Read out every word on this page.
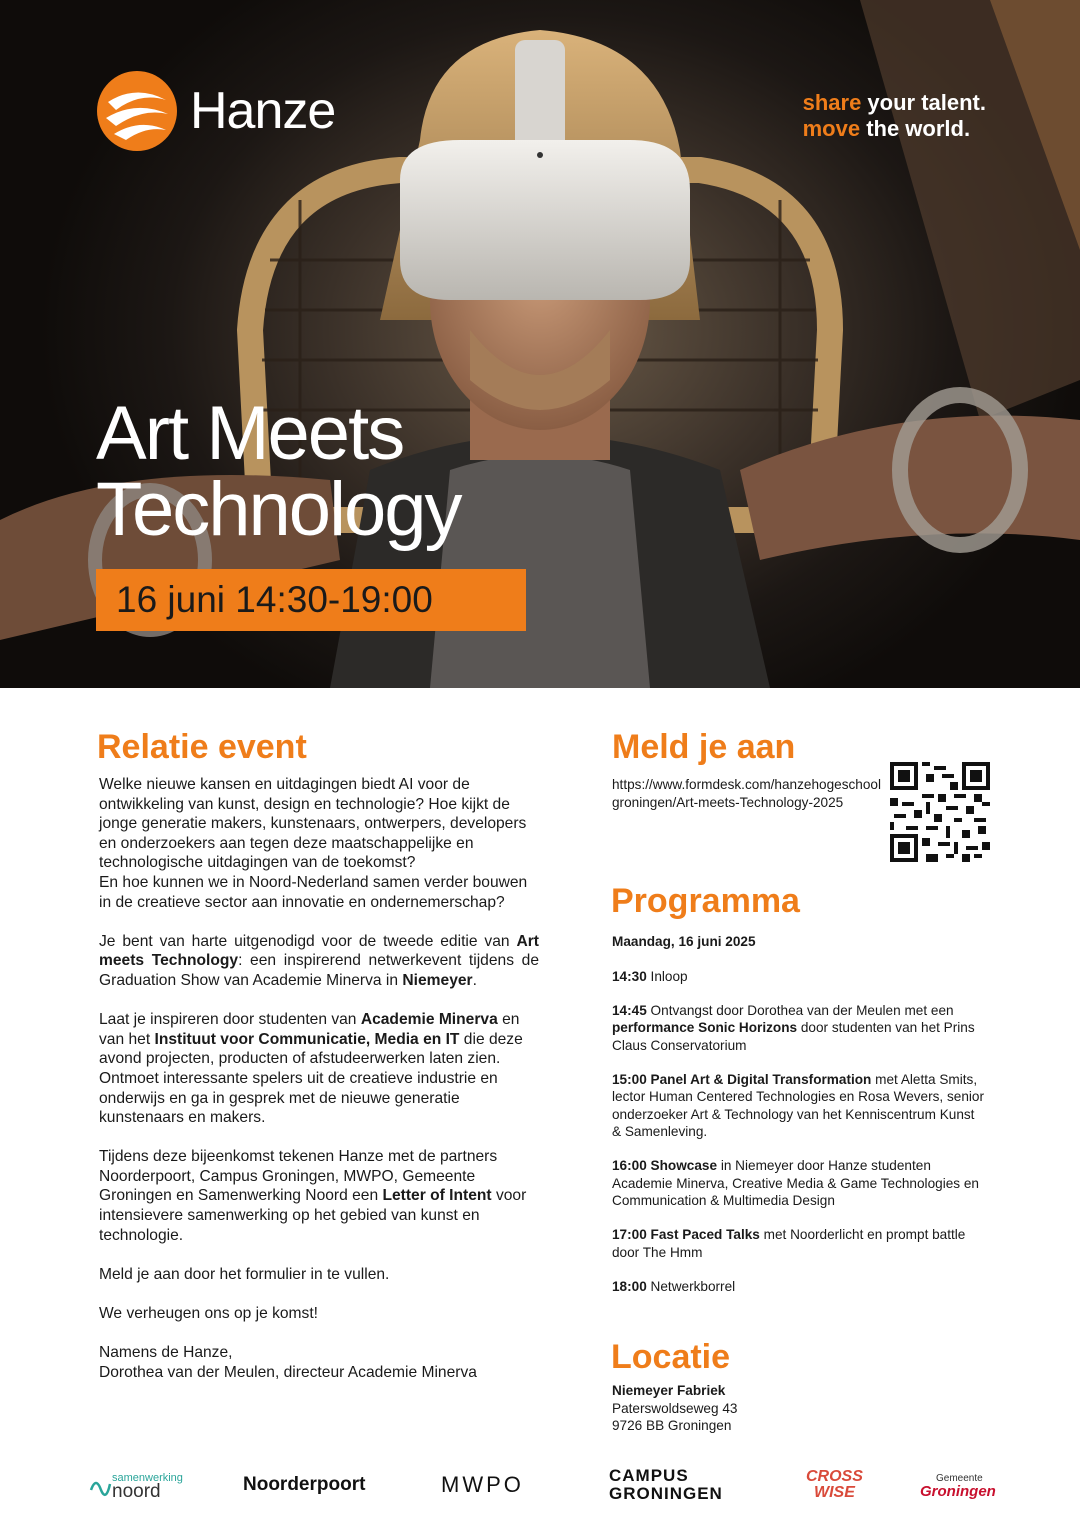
Hanze	share your talent.
move the world.
Art Meets
Technology
16 juni 14:30-19:00
Relatie event

Welke nieuwe kansen en uitdagingen biedt AI voor de ontwikkeling van kunst, design en technologie? Hoe kijkt de jonge generatie makers, kunstenaars, ontwerpers, developers en onderzoekers aan tegen deze maatschappelijke en technologische uitdagingen van de toekomst?
En hoe kunnen we in Noord-Nederland samen verder bouwen in de creatieve sector aan innovatie en ondernemerschap?

Je bent van harte uitgenodigd voor de tweede editie van Art meets Technology: een inspirerend netwerkevent tijdens de Graduation Show van Academie Minerva in Niemeyer.

Laat je inspireren door studenten van Academie Minerva en van het Instituut voor Communicatie, Media en IT die deze avond projecten, producten of afstudeerwerken laten zien. Ontmoet interessante spelers uit de creatieve industrie en onderwijs en ga in gesprek met de nieuwe generatie kunstenaars en makers.

Tijdens deze bijeenkomst tekenen Hanze met de partners Noorderpoort, Campus Groningen, MWPO, Gemeente Groningen en Samenwerking Noord een Letter of Intent voor intensievere samenwerking op het gebied van kunst en technologie.

Meld je aan door het formulier in te vullen.

We verheugen ons op je komst!

Namens de Hanze,
Dorothea van der Meulen, directeur Academie Minerva

Meld je aan
https://www.formdesk.com/hanzehogeschoolgroningen/Art-meets-Technology-2025
Programma

Maandag, 16 juni 2025

14:30 Inloop

14:45 Ontvangst door Dorothea van der Meulen met een performance Sonic Horizons door studenten van het Prins Claus Conservatorium

15:00 Panel Art & Digital Transformation met Aletta Smits, lector Human Centered Technologies en Rosa Wevers, senior onderzoeker Art & Technology van het Kenniscentrum Kunst & Samenleving.

16:00 Showcase in Niemeyer door Hanze studenten Academie Minerva, Creative Media & Game Technologies en Communication & Multimedia Design

17:00 Fast Paced Talks met Noorderlicht en prompt battle door The Hmm

18:00 Netwerkborrel

Locatie
Niemeyer Fabriek
Paterswoldseweg 43
9726 BB Groningen
samenwerking
noord	Noorderpoort	MWPO	CAMPUS
GRONINGEN
CROSS
WISE
Gemeente
Groningen
